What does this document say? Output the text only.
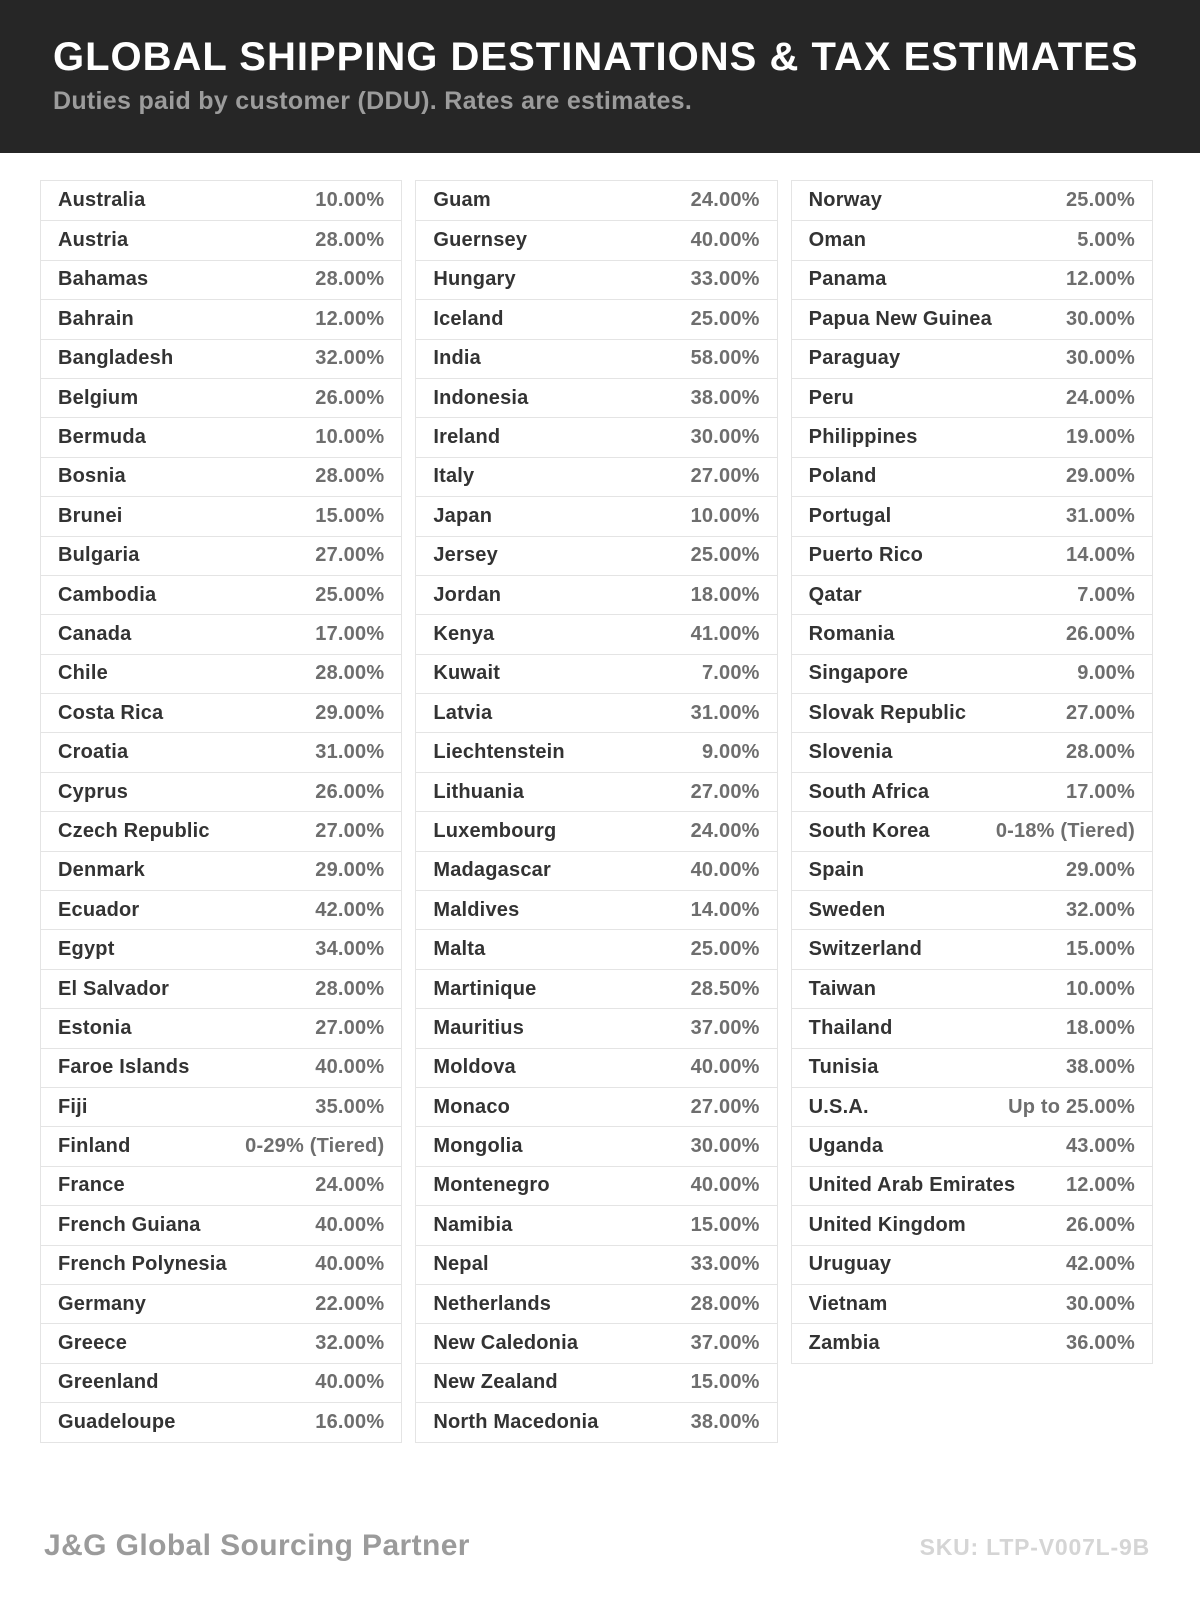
GLOBAL SHIPPING DESTINATIONS & TAX ESTIMATES

Duties paid by customer (DDU). Rates are estimates.

Australia	10.00%
Austria	28.00%
Bahamas	28.00%
Bahrain	12.00%
Bangladesh	32.00%
Belgium	26.00%
Bermuda	10.00%
Bosnia	28.00%
Brunei	15.00%
Bulgaria	27.00%
Cambodia	25.00%
Canada	17.00%
Chile	28.00%
Costa Rica	29.00%
Croatia	31.00%
Cyprus	26.00%
Czech Republic	27.00%
Denmark	29.00%
Ecuador	42.00%
Egypt	34.00%
El Salvador	28.00%
Estonia	27.00%
Faroe Islands	40.00%
Fiji	35.00%
Finland	0-29% (Tiered)
France	24.00%
French Guiana	40.00%
French Polynesia	40.00%
Germany	22.00%
Greece	32.00%
Greenland	40.00%
Guadeloupe	16.00%
Guam	24.00%
Guernsey	40.00%
Hungary	33.00%
Iceland	25.00%
India	58.00%
Indonesia	38.00%
Ireland	30.00%
Italy	27.00%
Japan	10.00%
Jersey	25.00%
Jordan	18.00%
Kenya	41.00%
Kuwait	7.00%
Latvia	31.00%
Liechtenstein	9.00%
Lithuania	27.00%
Luxembourg	24.00%
Madagascar	40.00%
Maldives	14.00%
Malta	25.00%
Martinique	28.50%
Mauritius	37.00%
Moldova	40.00%
Monaco	27.00%
Mongolia	30.00%
Montenegro	40.00%
Namibia	15.00%
Nepal	33.00%
Netherlands	28.00%
New Caledonia	37.00%
New Zealand	15.00%
North Macedonia	38.00%
Norway	25.00%
Oman	5.00%
Panama	12.00%
Papua New Guinea	30.00%
Paraguay	30.00%
Peru	24.00%
Philippines	19.00%
Poland	29.00%
Portugal	31.00%
Puerto Rico	14.00%
Qatar	7.00%
Romania	26.00%
Singapore	9.00%
Slovak Republic	27.00%
Slovenia	28.00%
South Africa	17.00%
South Korea	0-18% (Tiered)
Spain	29.00%
Sweden	32.00%
Switzerland	15.00%
Taiwan	10.00%
Thailand	18.00%
Tunisia	38.00%
U.S.A.	Up to 25.00%
Uganda	43.00%
United Arab Emirates	12.00%
United Kingdom	26.00%
Uruguay	42.00%
Vietnam	30.00%
Zambia	36.00%
J&G Global Sourcing Partner	SKU: LTP-V007L-9B
